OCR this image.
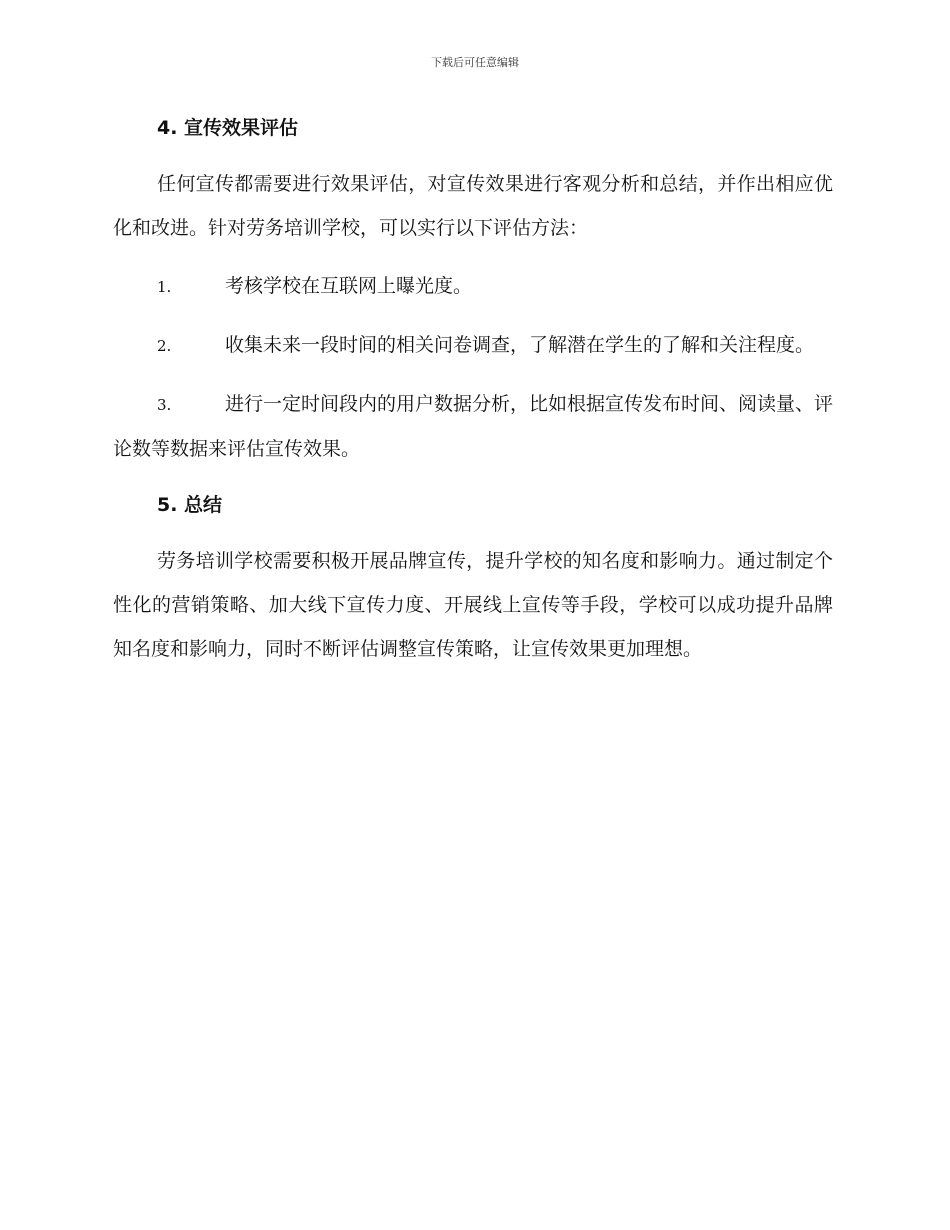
下载后可任意编辑
4. 宣传效果评估

任何宣传都需要进行效果评估，对宣传效果进行客观分析和总结，并作出相应优化和改进。针对劳务培训学校，可以实行以下评估方法：

1.	考核学校在互联网上曝光度。

2.	收集未来一段时间的相关问卷调查，了解潜在学生的了解和关注程度。

3.	进行一定时间段内的用户数据分析，比如根据宣传发布时间、阅读量、评论数等数据来评估宣传效果。

5. 总结

劳务培训学校需要积极开展品牌宣传，提升学校的知名度和影响力。通过制定个性化的营销策略、加大线下宣传力度、开展线上宣传等手段，学校可以成功提升品牌知名度和影响力，同时不断评估调整宣传策略，让宣传效果更加理想。
